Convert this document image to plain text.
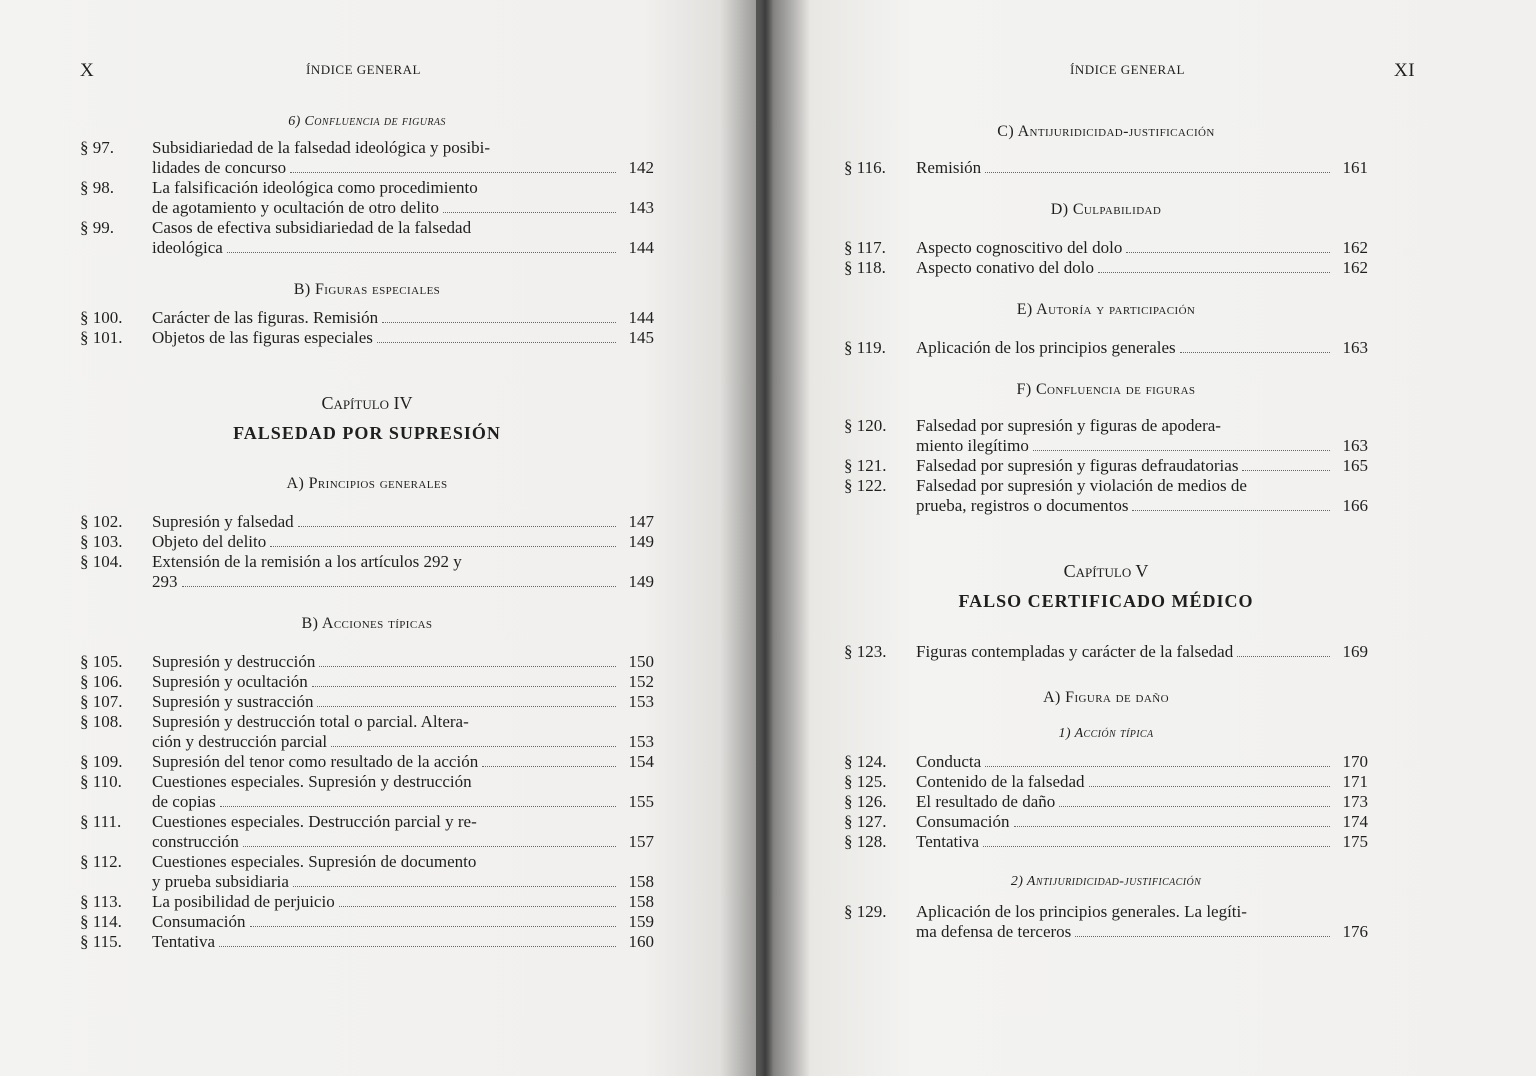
X	ÍNDICE GENERAL

6) Confluencia de figuras

§ 97.	Subsidiariedad de la falsedad ideológica y posibi-
lidades de concurso	142
§ 98.	La falsificación ideológica como procedimiento
de agotamiento y ocultación de otro delito	143
§ 99.	Casos de efectiva subsidiariedad de la falsedad
ideológica	144

B) Figuras especiales

§ 100.	Carácter de las figuras. Remisión	144
§ 101.	Objetos de las figuras especiales	145

Capítulo IV

FALSEDAD POR SUPRESIÓN

A) Principios generales

§ 102.	Supresión y falsedad	147
§ 103.	Objeto del delito	149
§ 104.	Extensión de la remisión a los artículos 292 y
293	149

B) Acciones típicas

§ 105.	Supresión y destrucción	150
§ 106.	Supresión y ocultación	152
§ 107.	Supresión y sustracción	153
§ 108.	Supresión y destrucción total o parcial. Altera-
ción y destrucción parcial	153
§ 109.	Supresión del tenor como resultado de la acción	154
§ 110.	Cuestiones especiales. Supresión y destrucción
de copias	155
§ 111.	Cuestiones especiales. Destrucción parcial y re-
construcción	157
§ 112.	Cuestiones especiales. Supresión de documento
y prueba subsidiaria	158
§ 113.	La posibilidad de perjuicio	158
§ 114.	Consumación	159
§ 115.	Tentativa	160
ÍNDICE GENERAL	XI

C) Antijuridicidad-justificación

§ 116.	Remisión	161

D) Culpabilidad

§ 117.	Aspecto cognoscitivo del dolo	162
§ 118.	Aspecto conativo del dolo	162

E) Autoría y participación

§ 119.	Aplicación de los principios generales	163

F) Confluencia de figuras

§ 120.	Falsedad por supresión y figuras de apodera-
miento ilegítimo	163
§ 121.	Falsedad por supresión y figuras defraudatorias	165
§ 122.	Falsedad por supresión y violación de medios de
prueba, registros o documentos	166

Capítulo V

FALSO CERTIFICADO MÉDICO

§ 123.	Figuras contempladas y carácter de la falsedad	169

A) Figura de daño

1) Acción típica

§ 124.	Conducta	170
§ 125.	Contenido de la falsedad	171
§ 126.	El resultado de daño	173
§ 127.	Consumación	174
§ 128.	Tentativa	175

2) Antijuridicidad-justificación

§ 129.	Aplicación de los principios generales. La legíti-
ma defensa de terceros	176
